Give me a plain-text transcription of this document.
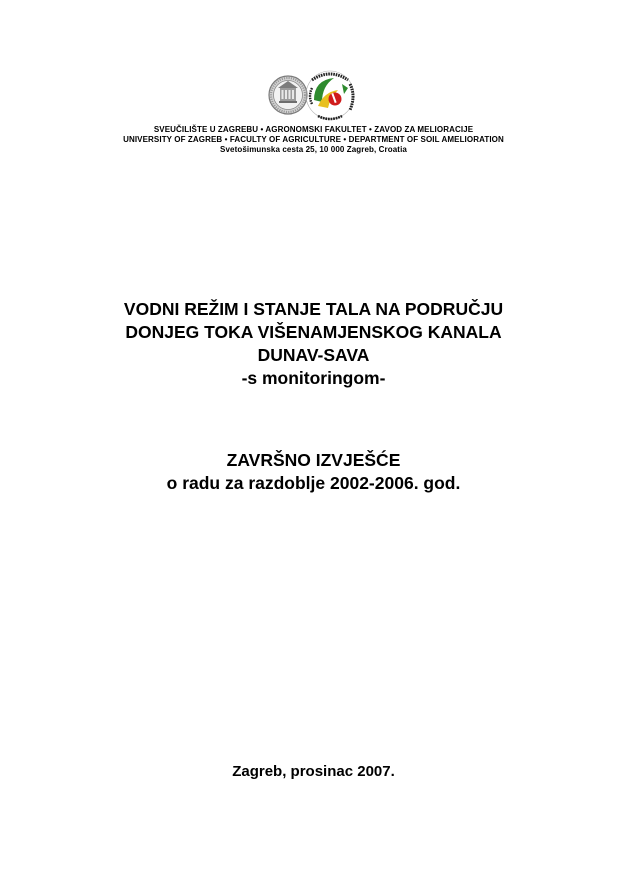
SVEUČILIŠTE U ZAGREBU • AGRONOMSKI FAKULTET • ZAVOD ZA MELIORACIJE
UNIVERSITY OF ZAGREB • FACULTY OF AGRICULTURE • DEPARTMENT OF SOIL AMELIORATION
Svetošimunska cesta 25, 10 000 Zagreb, Croatia
VODNI REŽIM I STANJE TALA NA PODRUČJU
DONJEG TOKA VIŠENAMJENSKOG KANALA
DUNAV-SAVA
-s monitoringom-
ZAVRŠNO IZVJEŠĆE
o radu za razdoblje 2002-2006. god.
Zagreb, prosinac 2007.
